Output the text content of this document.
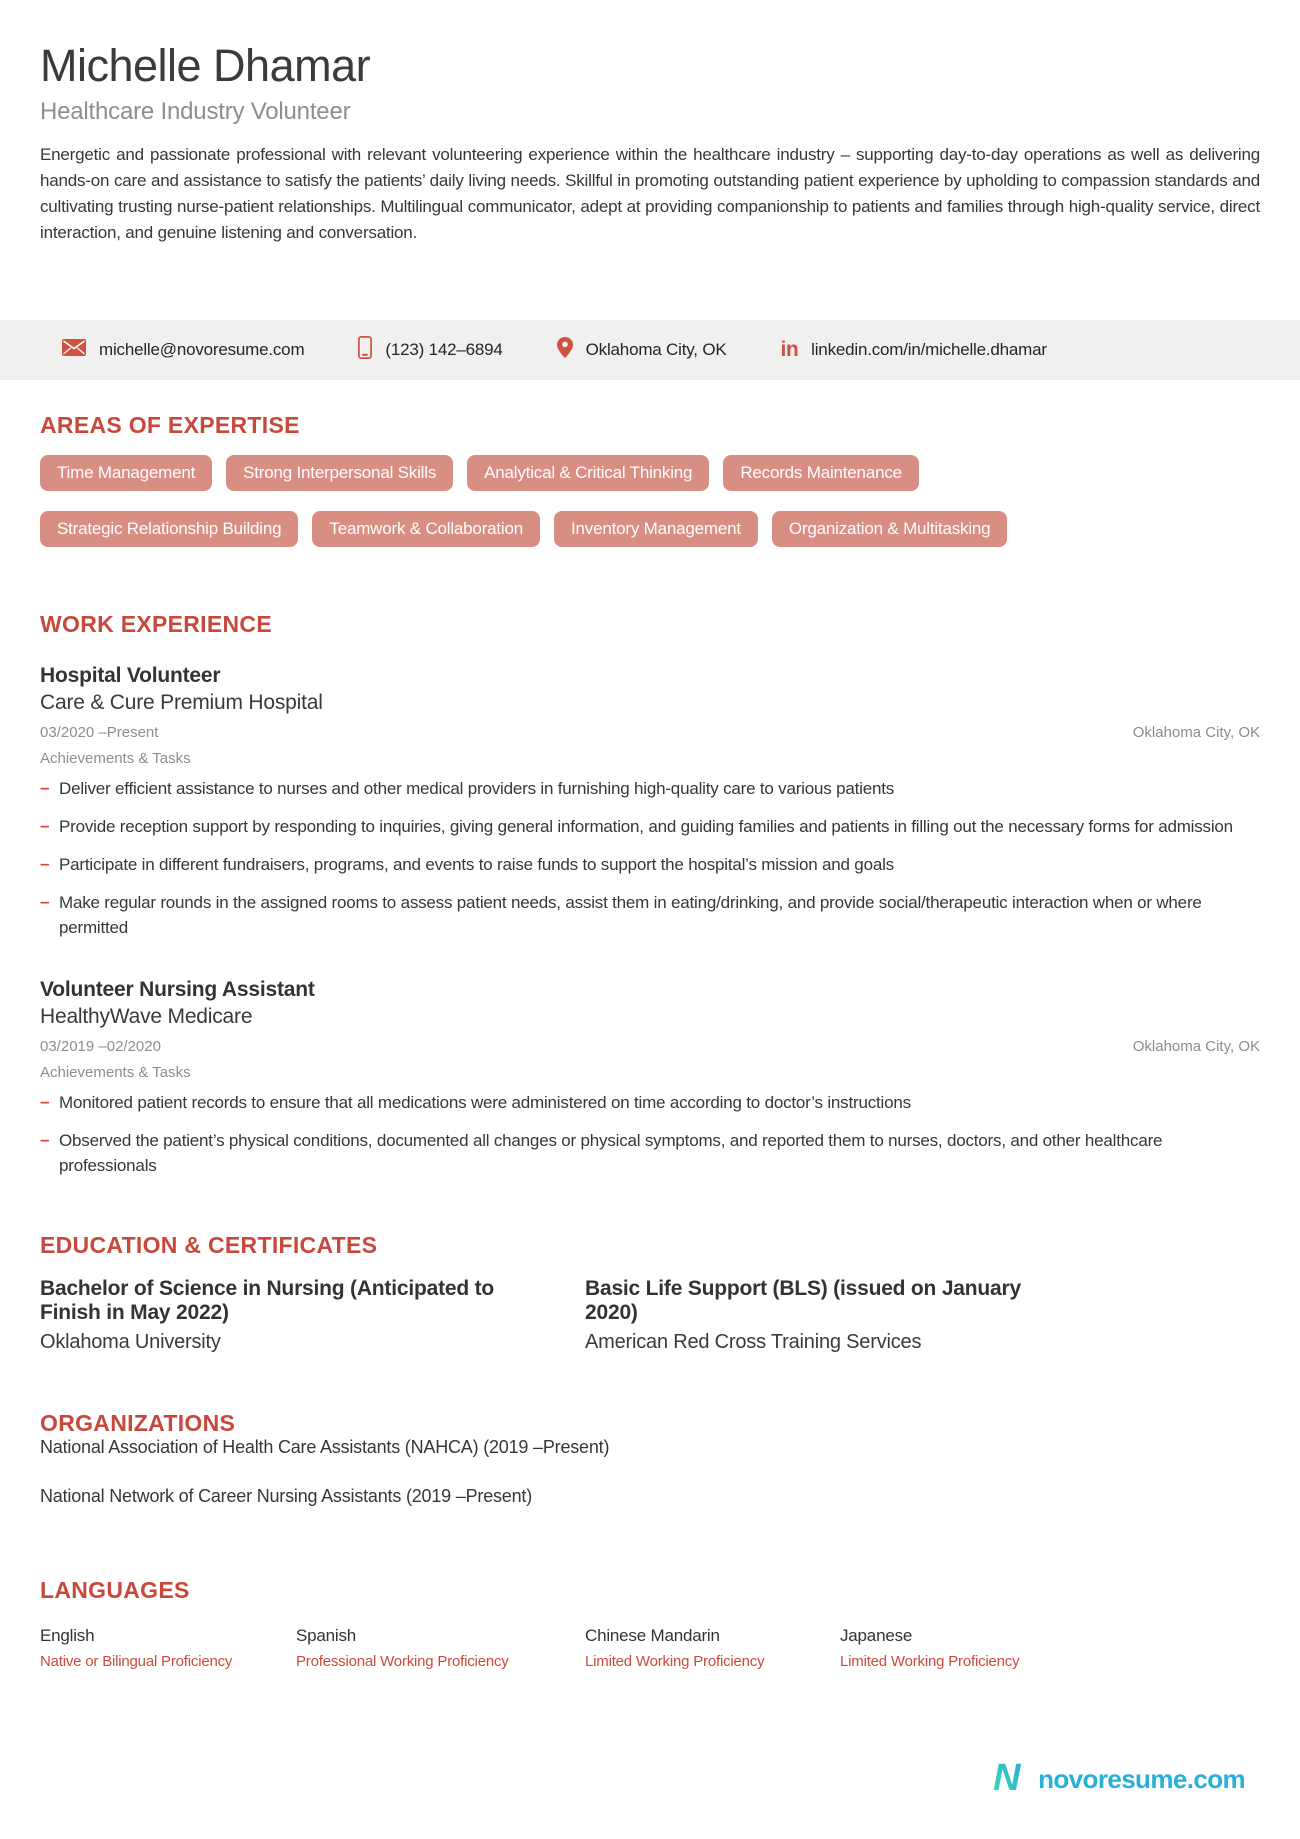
Michelle Dhamar
Healthcare Industry Volunteer
Energetic and passionate professional with relevant volunteering experience within the healthcare industry – supporting day-to-day operations as well as delivering hands-on care and assistance to satisfy the patients’ daily living needs. Skillful in promoting outstanding patient experience by upholding to compassion standards and cultivating trusting nurse-patient relationships. Multilingual communicator, adept at providing companionship to patients and families through high-quality service, direct interaction, and genuine listening and conversation.
michelle@novoresume.com	(123) 142–6894	Oklahoma City, OK	in linkedin.com/in/michelle.dhamar
AREAS OF EXPERTISE
Time Management	Strong Interpersonal Skills	Analytical & Critical Thinking	Records Maintenance
Strategic Relationship Building	Teamwork & Collaboration	Inventory Management	Organization & Multitasking
WORK EXPERIENCE
Hospital Volunteer
Care & Cure Premium Hospital
03/2020 –Present	Oklahoma City, OK
Achievements & Tasks
– Deliver efficient assistance to nurses and other medical providers in furnishing high-quality care to various patients
– Provide reception support by responding to inquiries, giving general information, and guiding families and patients in filling out the necessary forms for admission
– Participate in different fundraisers, programs, and events to raise funds to support the hospital’s mission and goals
– Make regular rounds in the assigned rooms to assess patient needs, assist them in eating/drinking, and provide social/therapeutic interaction when or where permitted
Volunteer Nursing Assistant
HealthyWave Medicare
03/2019 –02/2020	Oklahoma City, OK
Achievements & Tasks
– Monitored patient records to ensure that all medications were administered on time according to doctor’s instructions
– Observed the patient’s physical conditions, documented all changes or physical symptoms, and reported them to nurses, doctors, and other healthcare professionals
EDUCATION & CERTIFICATES
Bachelor of Science in Nursing (Anticipated to Finish in May 2022)
Oklahoma University
Basic Life Support (BLS) (issued on January 2020)
American Red Cross Training Services
ORGANIZATIONS
National Association of Health Care Assistants (NAHCA) (2019 –Present)
National Network of Career Nursing Assistants (2019 –Present)
LANGUAGES
English
Native or Bilingual Proficiency
Spanish
Professional Working Proficiency
Chinese Mandarin
Limited Working Proficiency
Japanese
Limited Working Proficiency
N novoresume.com
